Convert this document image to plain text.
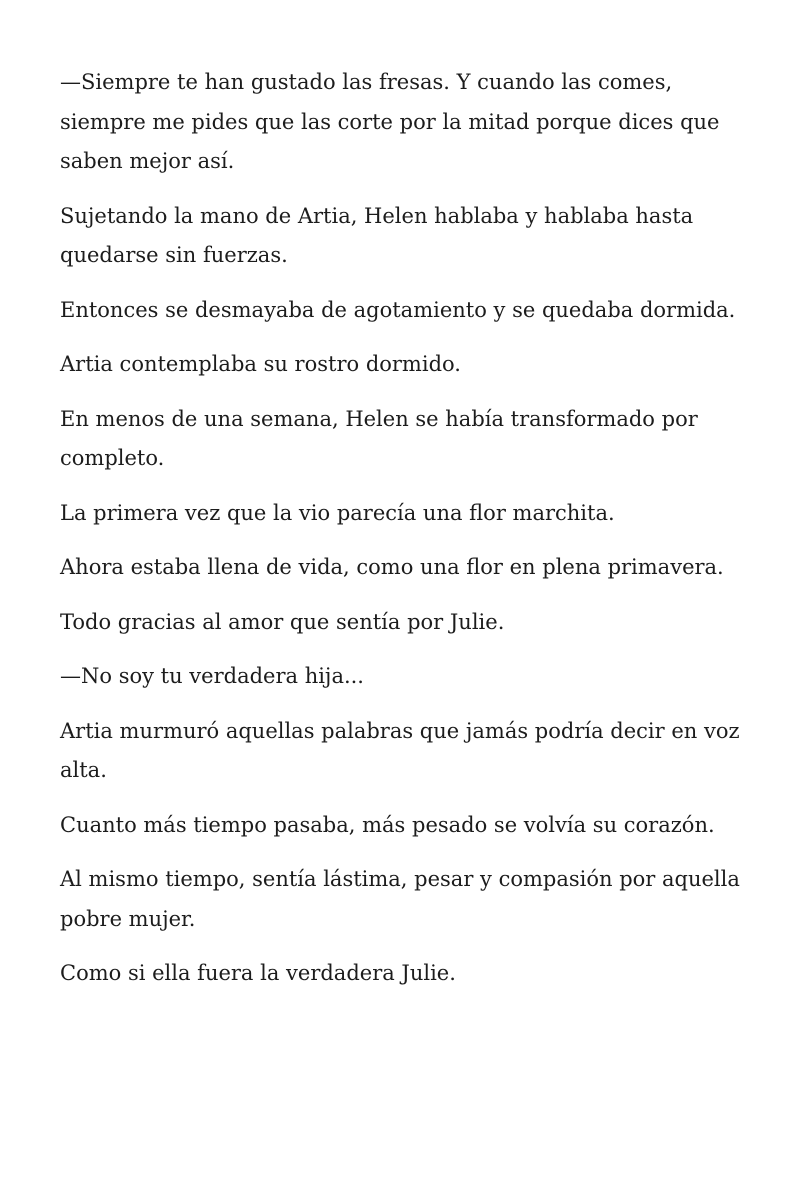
—Siempre te han gustado las fresas. Y cuando las comes, siempre me pides que las corte por la mitad porque dices que saben mejor así.

Sujetando la mano de Artia, Helen hablaba y hablaba hasta quedarse sin fuerzas.

Entonces se desmayaba de agotamiento y se quedaba dormida.

Artia contemplaba su rostro dormido.

En menos de una semana, Helen se había transformado por completo.

La primera vez que la vio parecía una flor marchita.

Ahora estaba llena de vida, como una flor en plena primavera.

Todo gracias al amor que sentía por Julie.

—No soy tu verdadera hija...

Artia murmuró aquellas palabras que jamás podría decir en voz alta.

Cuanto más tiempo pasaba, más pesado se volvía su corazón.

Al mismo tiempo, sentía lástima, pesar y compasión por aquella pobre mujer.

Como si ella fuera la verdadera Julie.
